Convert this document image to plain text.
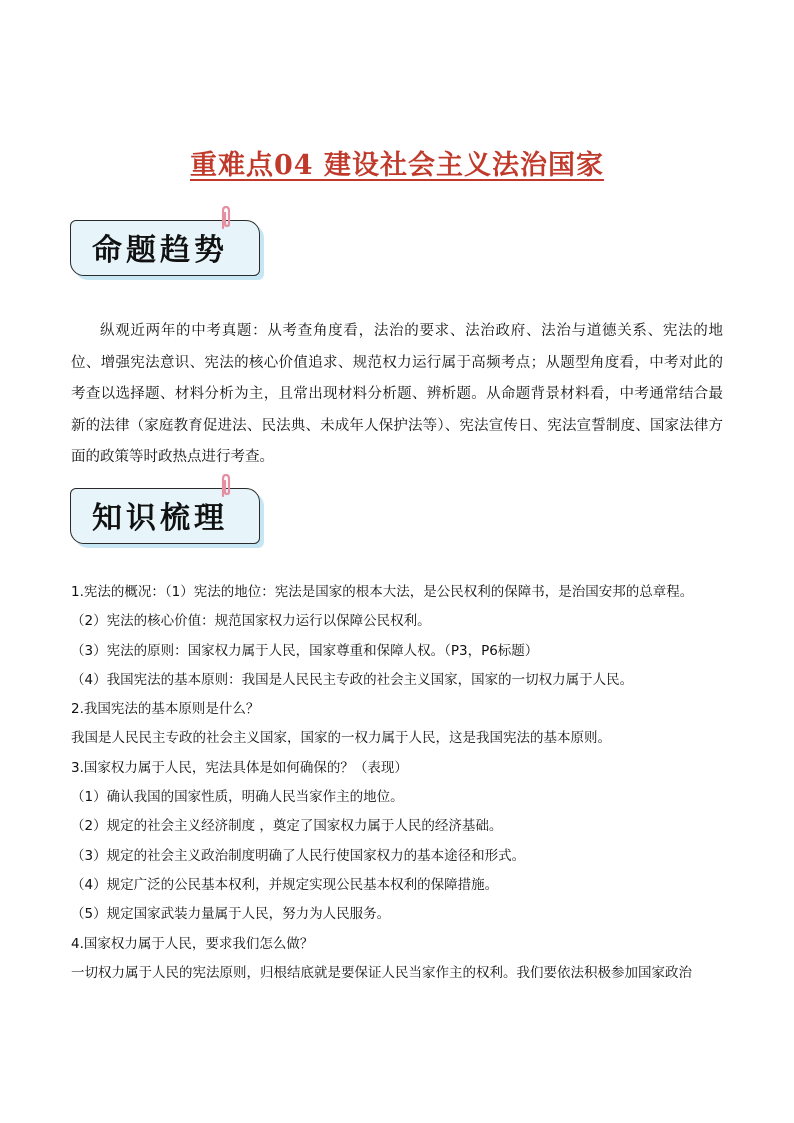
重难点04 建设社会主义法治国家
命题趋势

纵观近两年的中考真题：从考查角度看，法治的要求、法治政府、法治与道德关系、宪法的地位、增强宪法意识、宪法的核心价值追求、规范权力运行属于高频考点；从题型角度看，中考对此的考查以选择题、材料分析为主，且常出现材料分析题、辨析题。从命题背景材料看，中考通常结合最新的法律（家庭教育促进法、民法典、未成年人保护法等）、宪法宣传日、宪法宣誓制度、国家法律方面的政策等时政热点进行考查。

知识梳理
1.宪法的概况：（1）宪法的地位：宪法是国家的根本大法，是公民权利的保障书，是治国安邦的总章程。
（2）宪法的核心价值：规范国家权力运行以保障公民权利。
（3）宪法的原则：国家权力属于人民，国家尊重和保障人权。（P3，P6标题）
（4）我国宪法的基本原则：我国是人民民主专政的社会主义国家，国家的一切权力属于人民。
2.我国宪法的基本原则是什么？
我国是人民民主专政的社会主义国家，国家的一权力属于人民，这是我国宪法的基本原则。
3.国家权力属于人民，宪法具体是如何确保的？（表现）
（1）确认我国的国家性质，明确人民当家作主的地位。
（2）规定的社会主义经济制度 ，奠定了国家权力属于人民的经济基础。
（3）规定的社会主义政治制度明确了人民行使国家权力的基本途径和形式。
（4）规定广泛的公民基本权利，并规定实现公民基本权利的保障措施。
（5）规定国家武装力量属于人民，努力为人民服务。
4.国家权力属于人民，要求我们怎么做？
一切权力属于人民的宪法原则，归根结底就是要保证人民当家作主的权利。我们要依法积极参加国家政治
